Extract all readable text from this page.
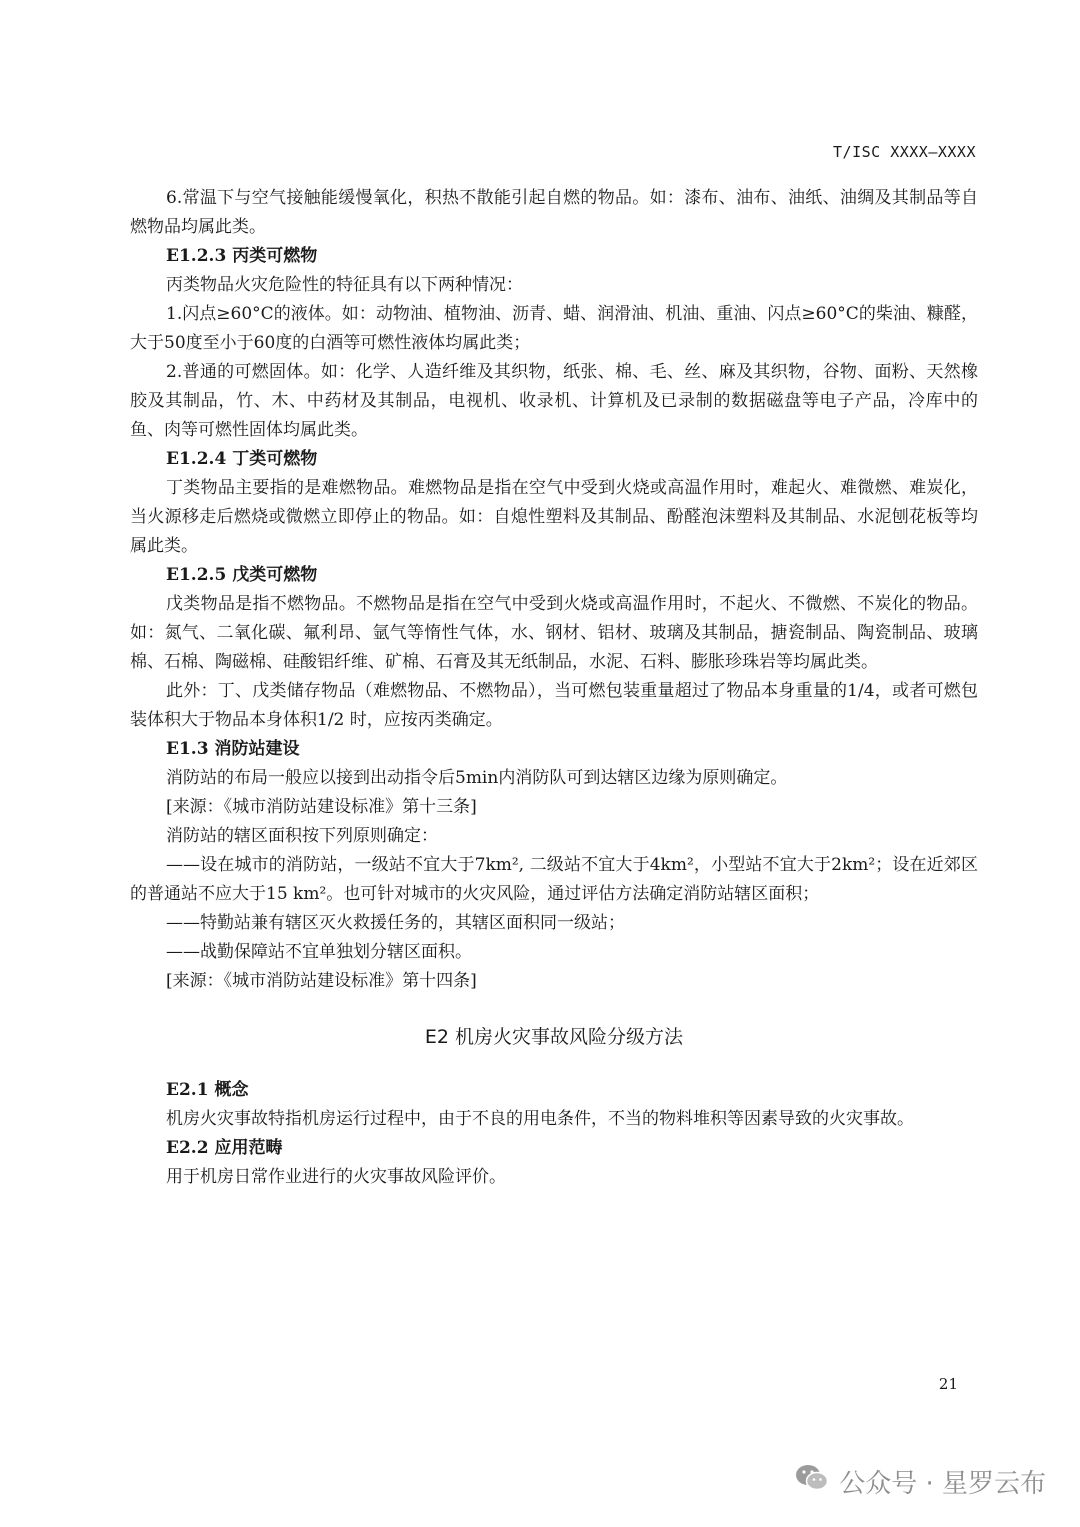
T/ISC XXXX—XXXX
6.常温下与空气接触能缓慢氧化，积热不散能引起自燃的物品。如：漆布、油布、油纸、油绸及其制品等自燃物品均属此类。
E1.2.3 丙类可燃物
丙类物品火灾危险性的特征具有以下两种情况：
1.闪点≥60°C的液体。如：动物油、植物油、沥青、蜡、润滑油、机油、重油、闪点≥60°C的柴油、糠醛，大于50度至小于60度的白酒等可燃性液体均属此类；
2.普通的可燃固体。如：化学、人造纤维及其织物，纸张、棉、毛、丝、麻及其织物，谷物、面粉、天然橡胶及其制品，竹、木、中药材及其制品，电视机、收录机、计算机及已录制的数据磁盘等电子产品，冷库中的鱼、肉等可燃性固体均属此类。
E1.2.4 丁类可燃物
丁类物品主要指的是难燃物品。难燃物品是指在空气中受到火烧或高温作用时，难起火、难微燃、难炭化，当火源移走后燃烧或微燃立即停止的物品。如：自熄性塑料及其制品、酚醛泡沫塑料及其制品、水泥刨花板等均属此类。
E1.2.5 戊类可燃物
戊类物品是指不燃物品。不燃物品是指在空气中受到火烧或高温作用时，不起火、不微燃、不炭化的物品。如：氮气、二氧化碳、氟利昂、氩气等惰性气体，水、钢材、铝材、玻璃及其制品，搪瓷制品、陶瓷制品、玻璃棉、石棉、陶磁棉、硅酸铝纤维、矿棉、石膏及其无纸制品，水泥、石料、膨胀珍珠岩等均属此类。
此外：丁、戊类储存物品（难燃物品、不燃物品），当可燃包装重量超过了物品本身重量的1/4，或者可燃包装体积大于物品本身体积1/2 时，应按丙类确定。
E1.3 消防站建设
消防站的布局一般应以接到出动指令后5min内消防队可到达辖区边缘为原则确定。
[来源：《城市消防站建设标准》第十三条]
消防站的辖区面积按下列原则确定：
——设在城市的消防站，一级站不宜大于7km², 二级站不宜大于4km²，小型站不宜大于2km²；设在近郊区的普通站不应大于15 km²。也可针对城市的火灾风险，通过评估方法确定消防站辖区面积；
——特勤站兼有辖区灭火救援任务的，其辖区面积同一级站；
——战勤保障站不宜单独划分辖区面积。
[来源：《城市消防站建设标准》第十四条]
E2 机房火灾事故风险分级方法
E2.1 概念
机房火灾事故特指机房运行过程中，由于不良的用电条件，不当的物料堆积等因素导致的火灾事故。
E2.2 应用范畴
用于机房日常作业进行的火灾事故风险评价。
21
公众号 · 星罗云布
